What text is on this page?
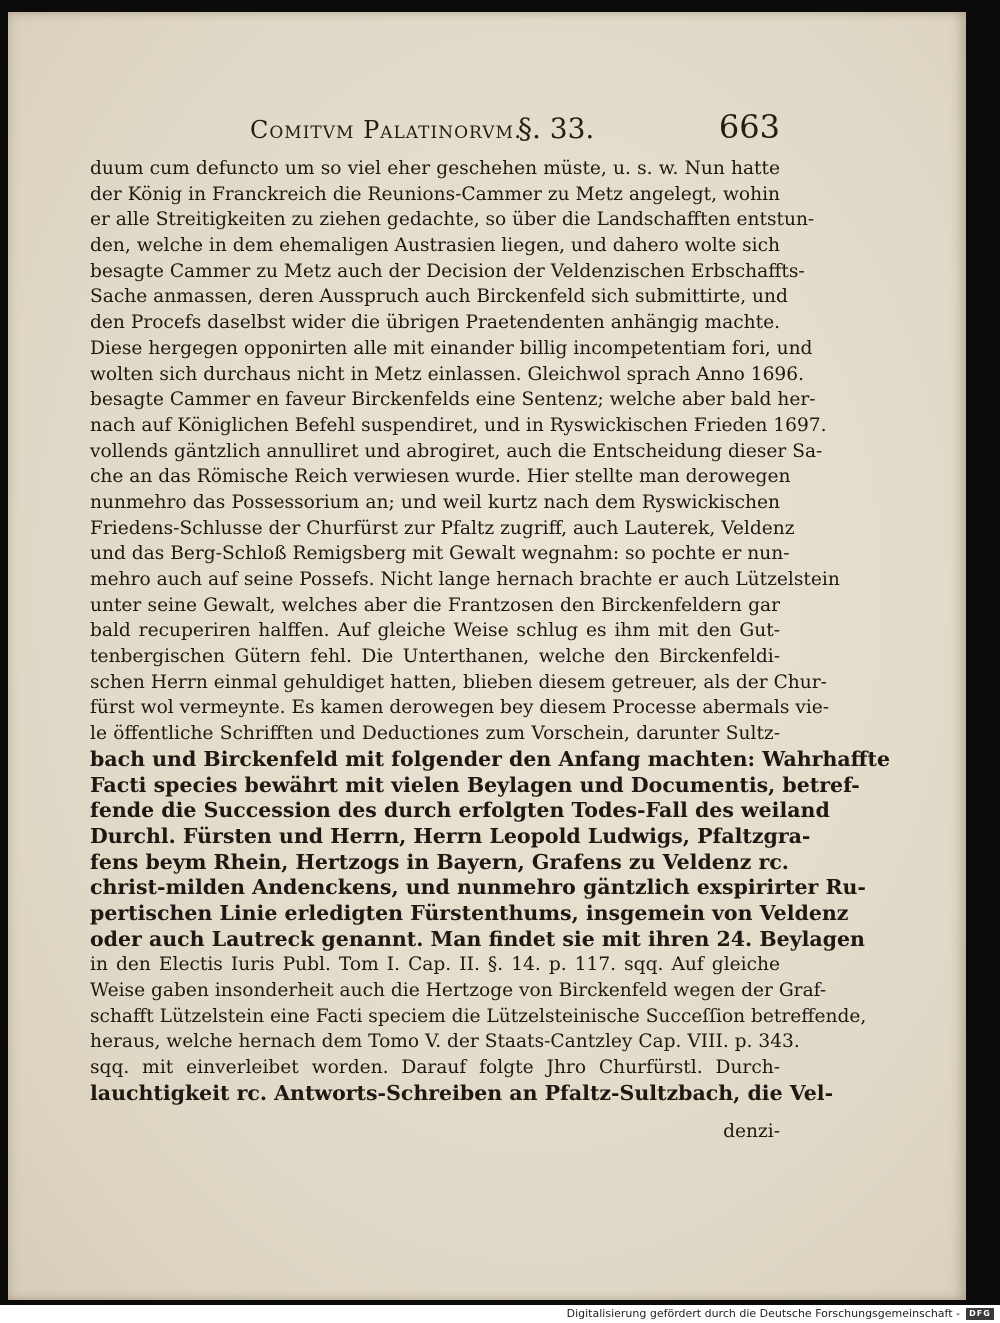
Comitvm Palatinorvm.
§. 33.	663
duum cum defuncto um so viel eher geschehen müste, u. s. w. Nun hatte
der König in Franckreich die Reunions-Cammer zu Metz angelegt, wohin
er alle Streitigkeiten zu ziehen gedachte, so über die Landschafften entstun-
den, welche in dem ehemaligen Austrasien liegen, und dahero wolte sich
besagte Cammer zu Metz auch der Decision der Veldenzischen Erbschaffts-
Sache anmassen, deren Ausspruch auch Birckenfeld sich submittirte, und
den Procefs daselbst wider die übrigen Praetendenten anhängig machte.
Diese hergegen opponirten alle mit einander billig incompetentiam fori, und
wolten sich durchaus nicht in Metz einlassen. Gleichwol sprach Anno 1696.
besagte Cammer en faveur Birckenfelds eine Sentenz; welche aber bald her-
nach auf Königlichen Befehl suspendiret, und in Ryswickischen Frieden 1697.
vollends gäntzlich annulliret und abrogiret, auch die Entscheidung dieser Sa-
che an das Römische Reich verwiesen wurde. Hier stellte man derowegen
nunmehro das Possessorium an; und weil kurtz nach dem Ryswickischen
Friedens-Schlusse der Churfürst zur Pfaltz zugriff, auch Lauterek, Veldenz
und das Berg-Schloß Remigsberg mit Gewalt wegnahm: so pochte er nun-
mehro auch auf seine Possefs. Nicht lange hernach brachte er auch Lützelstein
unter seine Gewalt, welches aber die Frantzosen den Birckenfeldern gar
bald recuperiren halffen. Auf gleiche Weise schlug es ihm mit den Gut-
tenbergischen Gütern fehl. Die Unterthanen, welche den Birckenfeldi-
schen Herrn einmal gehuldiget hatten, blieben diesem getreuer, als der Chur-
fürst wol vermeynte. Es kamen derowegen bey diesem Processe abermals vie-
le öffentliche Schrifften und Deductiones zum Vorschein, darunter Sultz-
bach und Birckenfeld mit folgender den Anfang machten: Wahrhaffte
Facti species bewährt mit vielen Beylagen und Documentis, betref-
fende die Succession des durch erfolgten Todes-Fall des weiland
Durchl. Fürsten und Herrn, Herrn Leopold Ludwigs, Pfaltzgra-
fens beym Rhein, Hertzogs in Bayern, Grafens zu Veldenz rc.
christ-milden Andenckens, und nunmehro gäntzlich exspirirter Ru-
pertischen Linie erledigten Fürstenthums, insgemein von Veldenz
oder auch Lautreck genannt. Man findet sie mit ihren 24. Beylagen
in den Electis Iuris Publ. Tom I. Cap. II. §. 14. p. 117. sqq. Auf gleiche
Weise gaben insonderheit auch die Hertzoge von Birckenfeld wegen der Graf-
schafft Lützelstein eine Facti speciem die Lützelsteinische Succeſſion betreffende,
heraus, welche hernach dem Tomo V. der Staats-Cantzley Cap. VIII. p. 343.
sqq. mit einverleibet worden. Darauf folgte Jhro Churfürstl. Durch-
lauchtigkeit rc. Antworts-Schreiben an Pfaltz-Sultzbach, die Vel-
denzi-
Digitalisierung gefördert durch die Deutsche Forschungsgemeinschaft -	DFG
